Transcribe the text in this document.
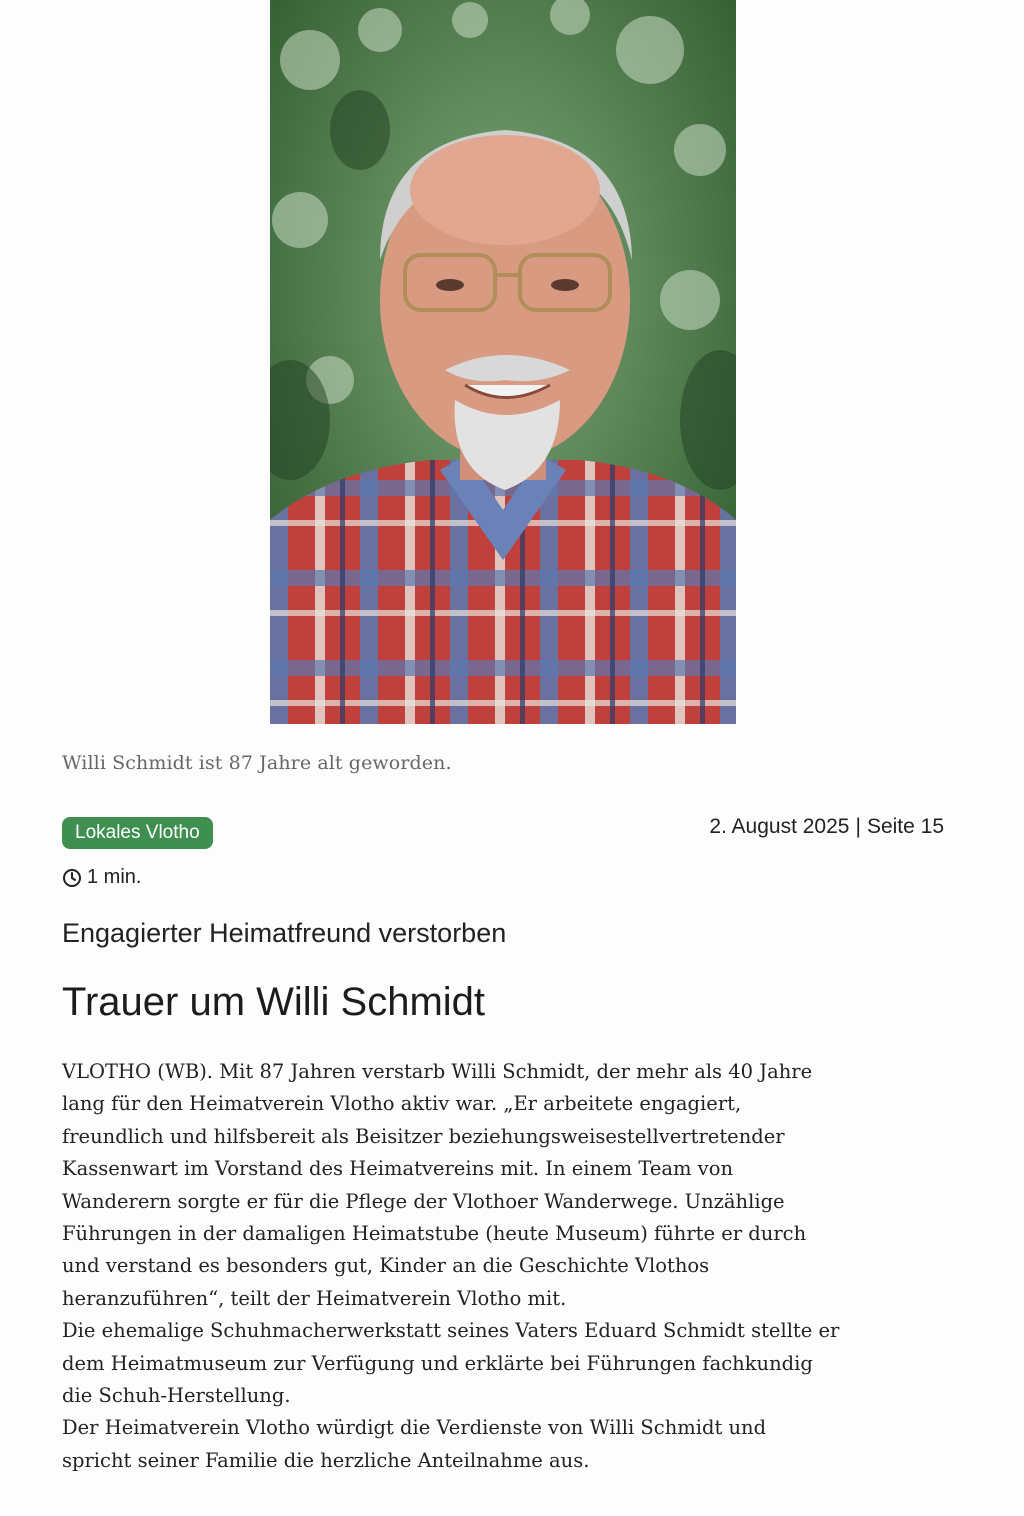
Willi Schmidt ist 87 Jahre alt geworden.
Lokales Vlotho	2. August 2025 | Seite 15
1 min.
Engagierter Heimatfreund verstorben
Trauer um Willi Schmidt
VLOTHO (WB). Mit 87 Jahren verstarb Willi Schmidt, der mehr als 40 Jahre
lang für den Heimatverein Vlotho aktiv war. „Er arbeitete engagiert,
freundlich und hilfsbereit als Beisitzer beziehungsweisestellvertretender
Kassenwart im Vorstand des Heimatvereins mit. In einem Team von
Wanderern sorgte er für die Pflege der Vlothoer Wanderwege. Unzählige
Führungen in der damaligen Heimatstube (heute Museum) führte er durch
und verstand es besonders gut, Kinder an die Geschichte Vlothos
heranzuführen“, teilt der Heimatverein Vlotho mit.
Die ehemalige Schuhmacherwerkstatt seines Vaters Eduard Schmidt stellte er
dem Heimatmuseum zur Verfügung und erklärte bei Führungen fachkundig
die Schuh-Herstellung.
Der Heimatverein Vlotho würdigt die Verdienste von Willi Schmidt und
spricht seiner Familie die herzliche Anteilnahme aus.
